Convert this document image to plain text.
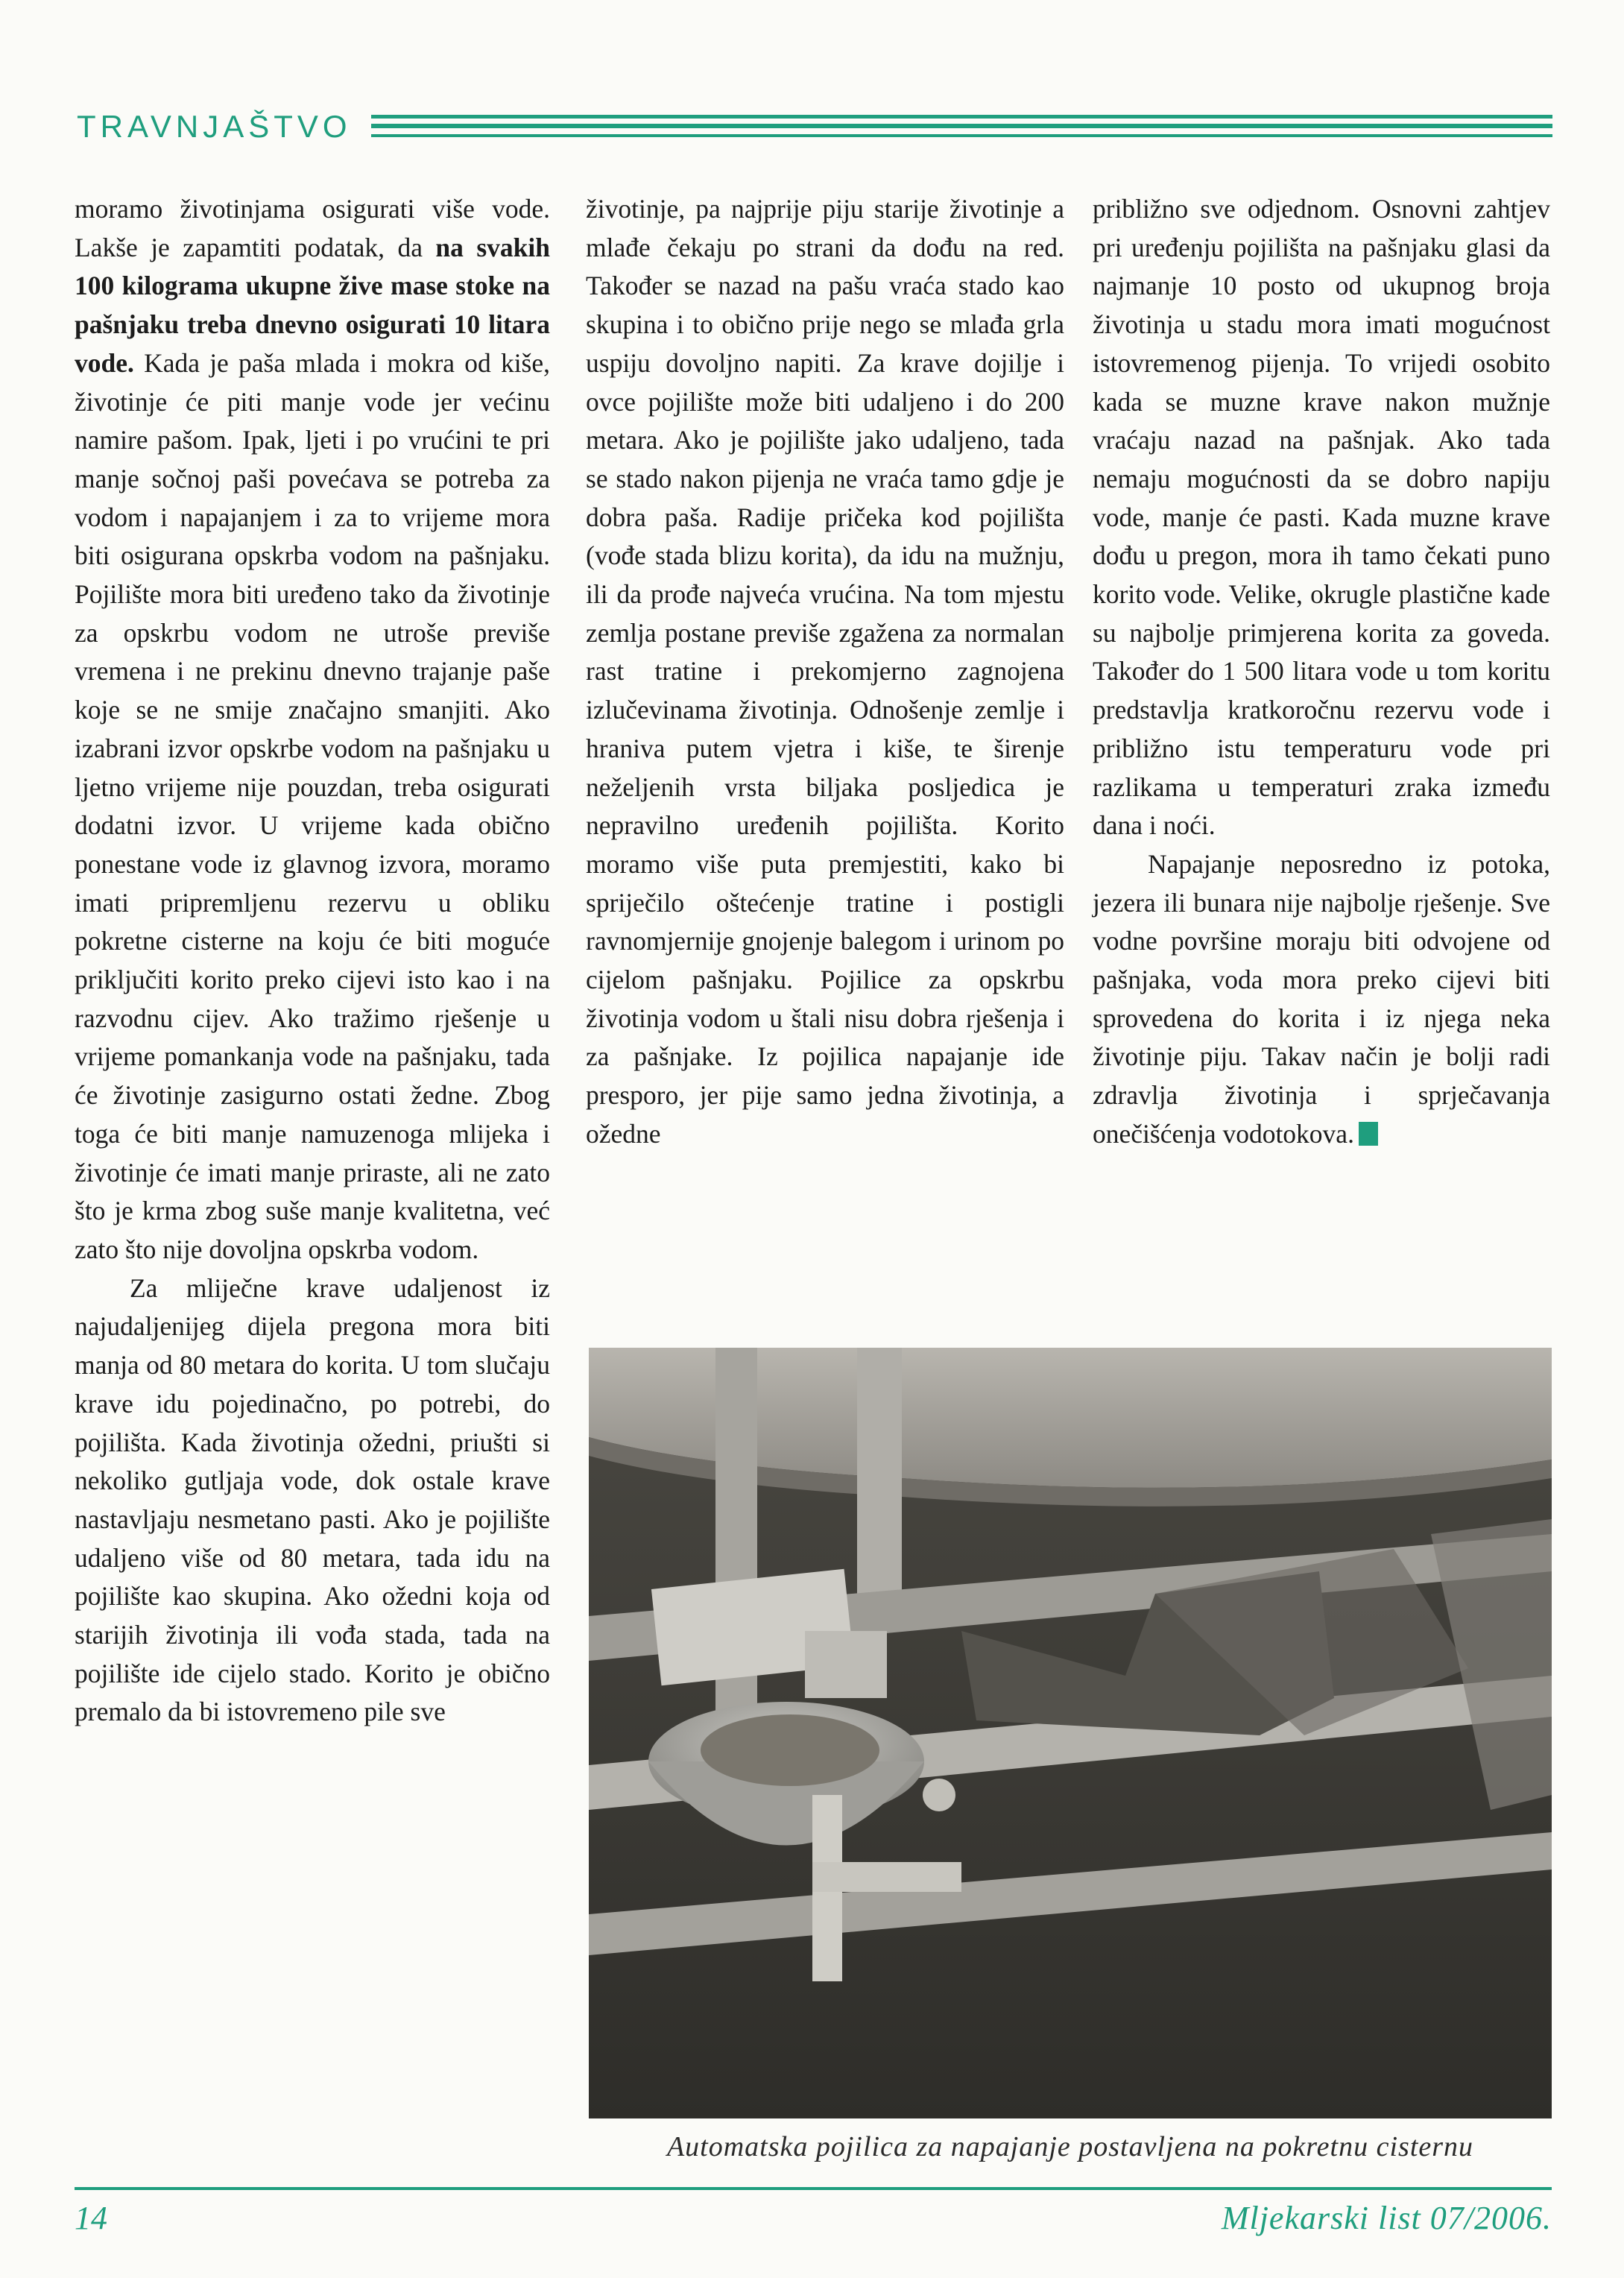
TRAVNJAŠTVO

moramo životinjama osigurati više vode. Lakše je zapamtiti podatak, da na svakih 100 kilograma ukupne žive mase stoke na pašnjaku treba dnevno osigurati 10 litara vode. Kada je paša mlada i mokra od kiše, životinje će piti manje vode jer većinu namire pašom. Ipak, ljeti i po vrućini te pri manje sočnoj paši povećava se potreba za vodom i napajanjem i za to vrijeme mora biti osigurana opskrba vodom na pašnjaku. Pojilište mora biti uređeno tako da životinje za opskrbu vodom ne utroše previše vremena i ne prekinu dnevno trajanje paše koje se ne smije značajno smanjiti. Ako izabrani izvor opskrbe vodom na pašnjaku u ljetno vrijeme nije pouzdan, treba osigurati dodatni izvor. U vrijeme kada obično ponestane vode iz glavnog izvora, moramo imati pripremljenu rezervu u obliku pokretne cisterne na koju će biti moguće priključiti korito preko cijevi isto kao i na razvodnu cijev. Ako tražimo rješenje u vrijeme pomankanja vode na pašnjaku, tada će životinje zasigurno ostati žedne. Zbog toga će biti manje namuzenoga mlijeka i životinje će imati manje priraste, ali ne zato što je krma zbog suše manje kvalitetna, već zato što nije dovoljna opskrba vodom.

Za mliječne krave udaljenost iz najudaljenijeg dijela pregona mora biti manja od 80 metara do korita. U tom slučaju krave idu pojedinačno, po potrebi, do pojilišta. Kada životinja ožedni, priušti si nekoliko gutljaja vode, dok ostale krave nastavljaju nesmetano pasti. Ako je pojilište udaljeno više od 80 metara, tada idu na pojilište kao skupina. Ako ožedni koja od starijih životinja ili vođa stada, tada na pojilište ide cijelo stado. Korito je obično premalo da bi istovremeno pile sve

životinje, pa najprije piju starije životinje a mlađe čekaju po strani da dođu na red. Također se nazad na pašu vraća stado kao skupina i to obično prije nego se mlađa grla uspiju dovoljno napiti. Za krave dojilje i ovce pojilište može biti udaljeno i do 200 metara. Ako je pojilište jako udaljeno, tada se stado nakon pijenja ne vraća tamo gdje je dobra paša. Radije pričeka kod pojilišta (vođe stada blizu korita), da idu na mužnju, ili da prođe najveća vrućina. Na tom mjestu zemlja postane previše zgažena za normalan rast tratine i prekomjerno zagnojena izlučevinama životinja. Odnošenje zemlje i hraniva putem vjetra i kiše, te širenje neželjenih vrsta biljaka posljedica je nepravilno uređenih pojilišta. Korito moramo više puta premjestiti, kako bi spriječilo oštećenje tratine i postigli ravnomjernije gnojenje balegom i urinom po cijelom pašnjaku. Pojilice za opskrbu životinja vodom u štali nisu dobra rješenja i za pašnjake. Iz pojilica napajanje ide presporo, jer pije samo jedna životinja, a ožedne

približno sve odjednom. Osnovni zahtjev pri uređenju pojilišta na pašnjaku glasi da najmanje 10 posto od ukupnog broja životinja u stadu mora imati mogućnost istovremenog pijenja. To vrijedi osobito kada se muzne krave nakon mužnje vraćaju nazad na pašnjak. Ako tada nemaju mogućnosti da se dobro napiju vode, manje će pasti. Kada muzne krave dođu u pregon, mora ih tamo čekati puno korito vode. Velike, okrugle plastične kade su najbolje primjerena korita za goveda. Također do 1 500 litara vode u tom koritu predstavlja kratkoročnu rezervu vode i približno istu temperaturu vode pri razlikama u temperaturi zraka između dana i noći.

Napajanje neposredno iz potoka, jezera ili bunara nije najbolje rješenje. Sve vodne površine moraju biti odvojene od pašnjaka, voda mora preko cijevi biti sprovedena do korita i iz njega neka životinje piju. Takav način je bolji radi zdravlja životinja i sprječavanja onečišćenja vodotokova.

Automatska pojilica za napajanje postavljena na pokretnu cisternu
14	Mljekarski list 07/2006.
